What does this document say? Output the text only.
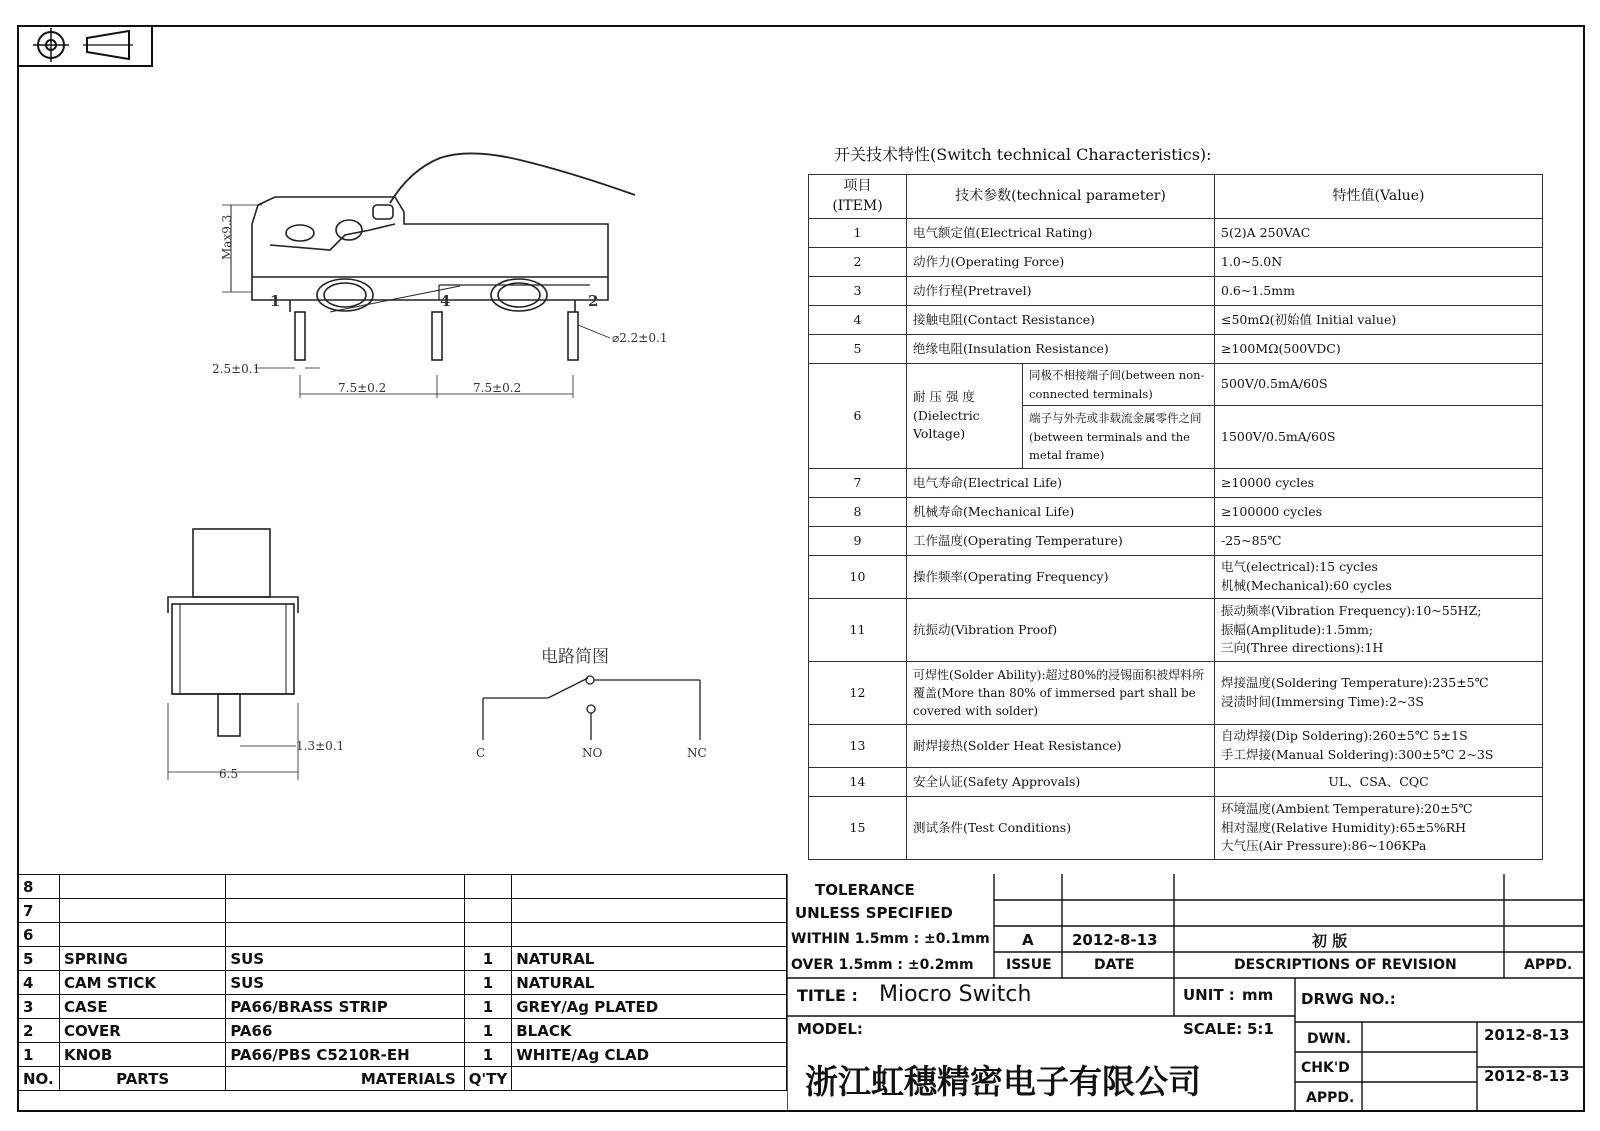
Max9.3
⌀2.2±0.1
2.5±0.1
7.5±0.2	7.5±0.2
1	4	2
6.5
1.3±0.1
电路简图
C	NO	NC
开关技术特性(Switch technical Characteristics):
项目
(ITEM)	技术参数(technical parameter)		特性值(Value)
1	电气额定值(Electrical Rating)		5(2)A 250VAC
2	动作力(Operating Force)		1.0~5.0N
3	动作行程(Pretravel)		0.6~1.5mm
4	接触电阻(Contact Resistance)		≤50mΩ(初始值 Initial value)
5	绝缘电阻(Insulation Resistance)		≥100MΩ(500VDC)
6	耐 压 强 度 (Dielectric Voltage)	同极不相接端子间(between non-connected terminals)	500V/0.5mA/60S
		端子与外壳或非载流金属零件之间(between terminals and the metal frame)	1500V/0.5mA/60S
7	电气寿命(Electrical Life)		≥10000 cycles
8	机械寿命(Mechanical Life)		≥100000 cycles
9	工作温度(Operating Temperature)		-25~85℃
10	操作频率(Operating Frequency)		电气(electrical):15 cycles
机械(Mechanical):60 cycles

11	抗振动(Vibration Proof)		振动频率(Vibration Frequency):10~55HZ;
振幅(Amplitude):1.5mm;
三向(Three directions):1H

12	可焊性(Solder Ability):超过80%的浸锡面积被焊料所覆盖(More than 80% of immersed part shall be covered with solder)		焊接温度(Soldering Temperature):235±5℃
浸渍时间(Immersing Time):2~3S

13	耐焊接热(Solder Heat Resistance)		自动焊接(Dip Soldering):260±5℃ 5±1S
手工焊接(Manual Soldering):300±5℃ 2~3S

14	安全认证(Safety Approvals)		UL、CSA、CQC
15	测试条件(Test Conditions)		环境温度(Ambient Temperature):20±5℃
相对湿度(Relative Humidity):65±5%RH
大气压(Air Pressure):86~106KPa
8				
7				
6				
5	SPRING	SUS	1	NATURAL
4	CAM STICK	SUS	1	NATURAL
3	CASE	PA66/BRASS STRIP	1	GREY/Ag PLATED
2	COVER	PA66	1	BLACK
1	KNOB	PA66/PBS C5210R-EH	1	WHITE/Ag CLAD
NO.	PARTS	MATERIALS	Q'TY	
TOLERANCE
UNLESS SPECIFIED
WITHIN 1.5mm : ±0.1mm
OVER 1.5mm : ±0.2mm
A	2012-8-13	初 版
ISSUE	DATE	DESCRIPTIONS OF REVISION	APPD.
TITLE : Miocro Switch	UNIT : mm DRWG NO.:
MODEL:	SCALE: 5:1
DWN.	2012-8-13
CHK'D	2012-8-13
APPD.
浙江虹穗精密电子有限公司
